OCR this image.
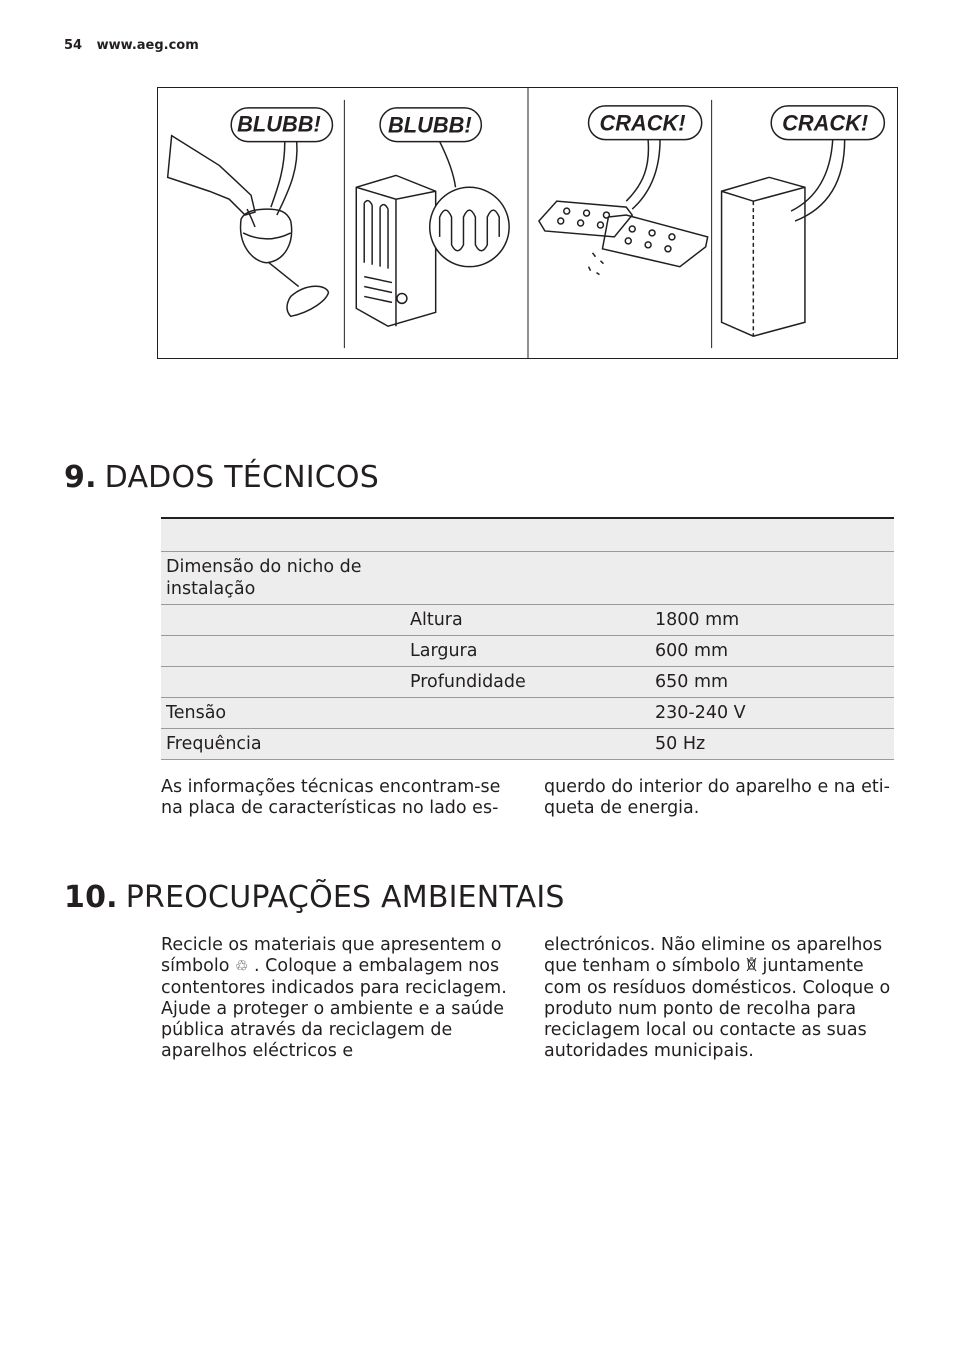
54 www.aeg.com
BLUBB!	BLUBB!	CRACK!	CRACK!
9. DADOS TÉCNICOS

Dimensão do nicho de instalação		
	Altura	1800 mm
	Largura	600 mm
	Profundidade	650 mm
Tensão		230-240 V
Frequência		50 Hz

As informações técnicas encontram-se na placa de características no lado es-

querdo do interior do aparelho e na eti-queta de energia.

10. PREOCUPAÇÕES AMBIENTAIS
Recicle os materiais que apresentem o símbolo ♲ . Coloque a embalagem nos contentores indicados para reciclagem.
Ajude a proteger o ambiente e a saúde pública através da reciclagem de aparelhos eléctricos e
electrónicos. Não elimine os aparelhos que tenham o símbolo juntamente com os resíduos domésticos. Coloque o produto num ponto de recolha para reciclagem local ou contacte as suas autoridades municipais.
